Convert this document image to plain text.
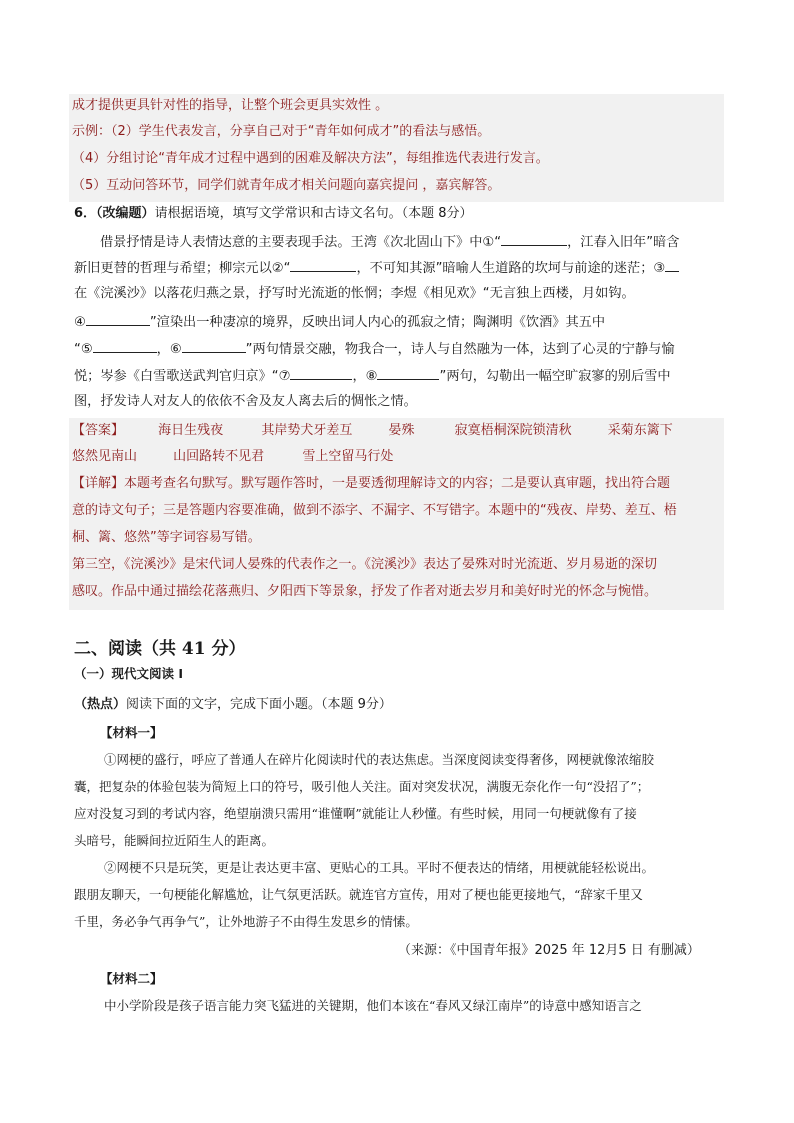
成才提供更具针对性的指导，让整个班会更具实效性 。
示例：（2）学生代表发言，分享自己对于“青年如何成才”的看法与感悟。
（4）分组讨论“青年成才过程中遇到的困难及解决方法”，每组推选代表进行发言。
（5）互动问答环节，同学们就青年成才相关问题向嘉宾提问 ，嘉宾解答。
6．（改编题）请根据语境，填写文学常识和古诗文名句。（本题 8分）
借景抒情是诗人表情达意的主要表现手法。王湾《次北固山下》中①“	，江春入旧年”暗含
新旧更替的哲理与希望；柳宗元以②“	，不可知其源”暗喻人生道路的坎坷与前途的迷茫；③
在《浣溪沙》以落花归燕之景，抒写时光流逝的怅惘；李煜《相见欢》“无言独上西楼，月如钩。
④	”渲染出一种凄凉的境界，反映出词人内心的孤寂之情；陶渊明《饮酒》其五中
“⑤	，⑥	”两句情景交融，物我合一，诗人与自然融为一体，达到了心灵的宁静与愉
悦；岑参《白雪歌送武判官归京》“⑦	，⑧	”两句，勾勒出一幅空旷寂寥的别后雪中
图，抒发诗人对友人的依依不舍及友人离去后的惆怅之情。
【答案】	海日生残夜	其岸势犬牙差互	晏殊	寂寞梧桐深院锁清秋	采菊东篱下
悠然见南山	山回路转不见君	雪上空留马行处
【详解】本题考查名句默写。默写题作答时，一是要透彻理解诗文的内容；二是要认真审题，找出符合题
意的诗文句子；三是答题内容要准确，做到不添字、不漏字、不写错字。本题中的“残夜、岸势、差互、梧
桐、篱、悠然”等字词容易写错。
第三空，《浣溪沙》是宋代词人晏殊的代表作之一。《浣溪沙》表达了晏殊对时光流逝、岁月易逝的深切
感叹。作品中通过描绘花落燕归、夕阳西下等景象，抒发了作者对逝去岁月和美好时光的怀念与惋惜。
二、阅读（共 41 分）
（一）现代文阅读 I
（热点）阅读下面的文字，完成下面小题。（本题 9分）
【材料一】
①网梗的盛行，呼应了普通人在碎片化阅读时代的表达焦虑。当深度阅读变得奢侈，网梗就像浓缩胶
囊，把复杂的体验包装为简短上口的符号，吸引他人关注。面对突发状况，满腹无奈化作一句“没招了”；
应对没复习到的考试内容，绝望崩溃只需用“谁懂啊”就能让人秒懂。有些时候，用同一句梗就像有了接
头暗号，能瞬间拉近陌生人的距离。
②网梗不只是玩笑，更是让表达更丰富、更贴心的工具。平时不便表达的情绪，用梗就能轻松说出。
跟朋友聊天，一句梗能化解尴尬，让气氛更活跃。就连官方宣传，用对了梗也能更接地气，“辞家千里又
千里，务必争气再争气”，让外地游子不由得生发思乡的情愫。
（来源：《中国青年报》2025 年 12月5 日 有删减）
【材料二】
中小学阶段是孩子语言能力突飞猛进的关键期，他们本该在“春风又绿江南岸”的诗意中感知语言之
